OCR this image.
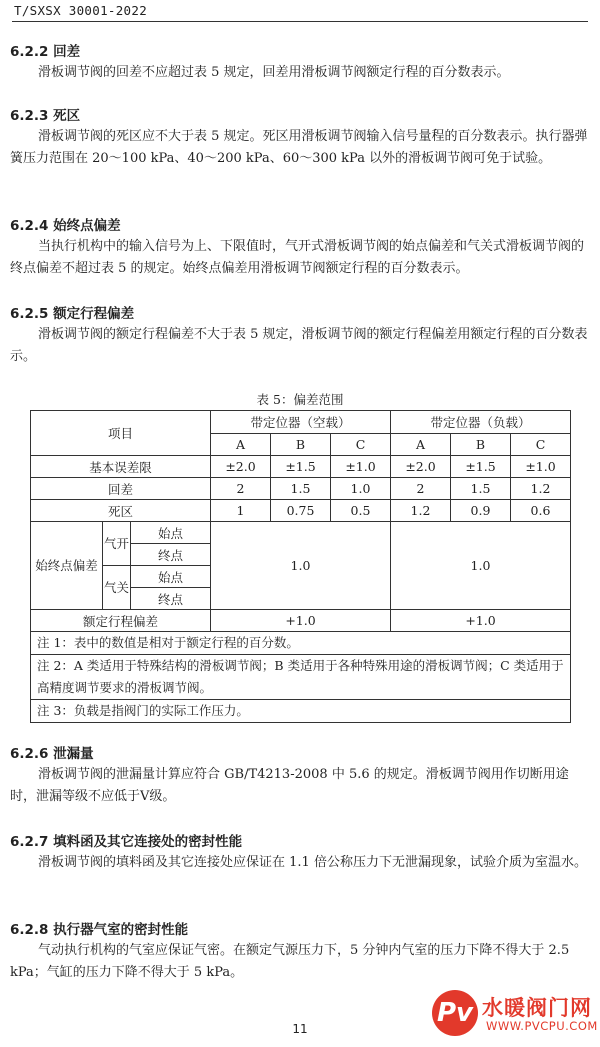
T/SXSX 30001-2022
6.2.2 回差
滑板调节阀的回差不应超过表 5 规定，回差用滑板调节阀额定行程的百分数表示。
6.2.3 死区
滑板调节阀的死区应不大于表 5 规定。死区用滑板调节阀输入信号量程的百分数表示。执行器弹簧压力范围在 20～100 kPa、40～200 kPa、60～300 kPa 以外的滑板调节阀可免于试验。
6.2.4 始终点偏差
当执行机构中的输入信号为上、下限值时，气开式滑板调节阀的始点偏差和气关式滑板调节阀的终点偏差不超过表 5 的规定。始终点偏差用滑板调节阀额定行程的百分数表示。
6.2.5 额定行程偏差
滑板调节阀的额定行程偏差不大于表 5 规定，滑板调节阀的额定行程偏差用额定行程的百分数表示。
表 5：偏差范围
项目			带定位器（空载）			带定位器（负载）		
			A	B	C	A	B	C
基本误差限			±2.0	±1.5	±1.0	±2.0	±1.5	±1.0
回差			2	1.5	1.0	2	1.5	1.2
死区			1	0.75	0.5	1.2	0.9	0.6
始终点偏差	气开	始点	1.0			1.0		
		终点						
	气关	始点						
		终点						
额定行程偏差			+1.0			+1.0		
注 1：表中的数值是相对于额定行程的百分数。								
注 2：A 类适用于特殊结构的滑板调节阀；B 类适用于各种特殊用途的滑板调节阀；C 类适用于高精度调节要求的滑板调节阀。								
注 3：负载是指阀门的实际工作压力。								
6.2.6 泄漏量
滑板调节阀的泄漏量计算应符合 GB/T4213-2008 中 5.6 的规定。滑板调节阀用作切断用途时，泄漏等级不应低于Ⅴ级。
6.2.7 填料函及其它连接处的密封性能
滑板调节阀的填料函及其它连接处应保证在 1.1 倍公称压力下无泄漏现象，试验介质为室温水。
6.2.8 执行器气室的密封性能
气动执行机构的气室应保证气密。在额定气源压力下，5 分钟内气室的压力下降不得大于 2.5 kPa；气缸的压力下降不得大于 5 kPa。
11
Pv 水暖阀门网
WWW.PVCPU.COM
